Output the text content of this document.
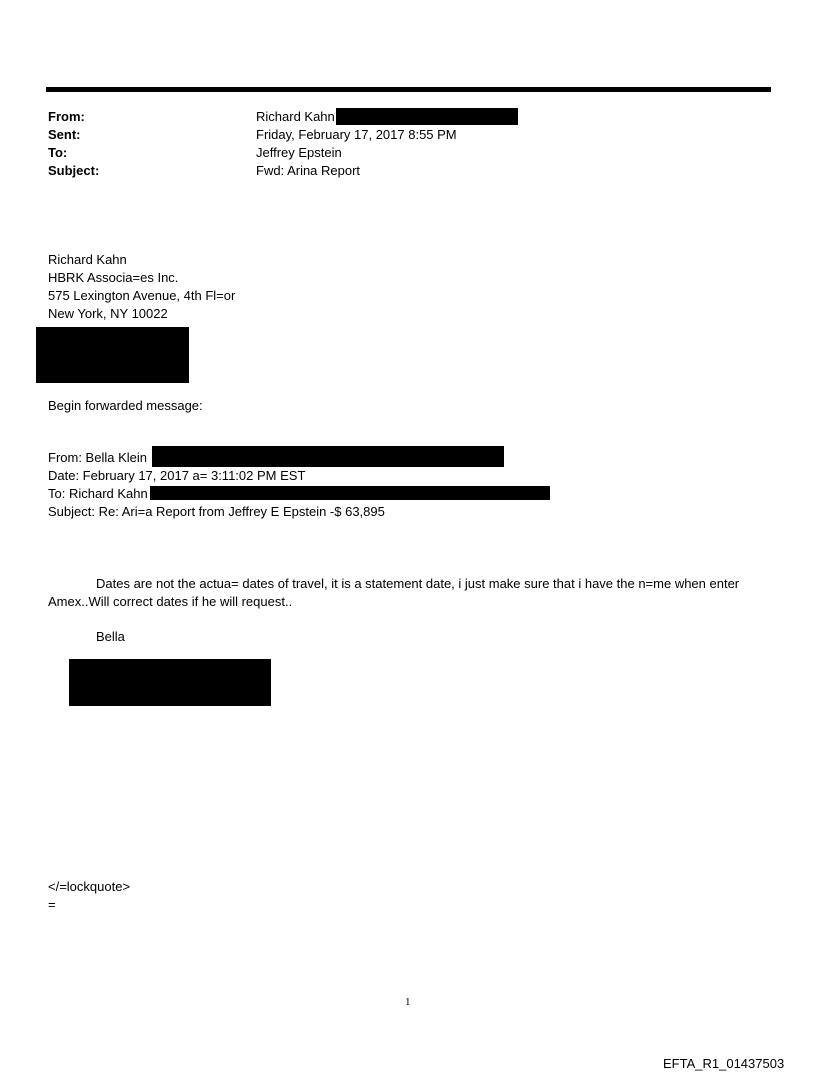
From:
Sent:
To:
Subject:
Richard Kahn
Friday, February 17, 2017 8:55 PM
Jeffrey Epstein
Fwd: Arina Report
Richard Kahn
HBRK Associa=es Inc.
575 Lexington Avenue, 4th Fl=or
New York, NY 10022
Begin forwarded message:
From: Bella Klein
Date: February 17, 2017 a= 3:11:02 PM EST
To: Richard Kahn
Subject: Re: Ari=a Report from Jeffrey E Epstein -$ 63,895
Dates are not the actua= dates of travel, it is a statement date, i just make sure that i have the n=me when enter
Amex..Will correct dates if he will request..
Bella
</=lockquote>
=
1
EFTA_R1_01437503
